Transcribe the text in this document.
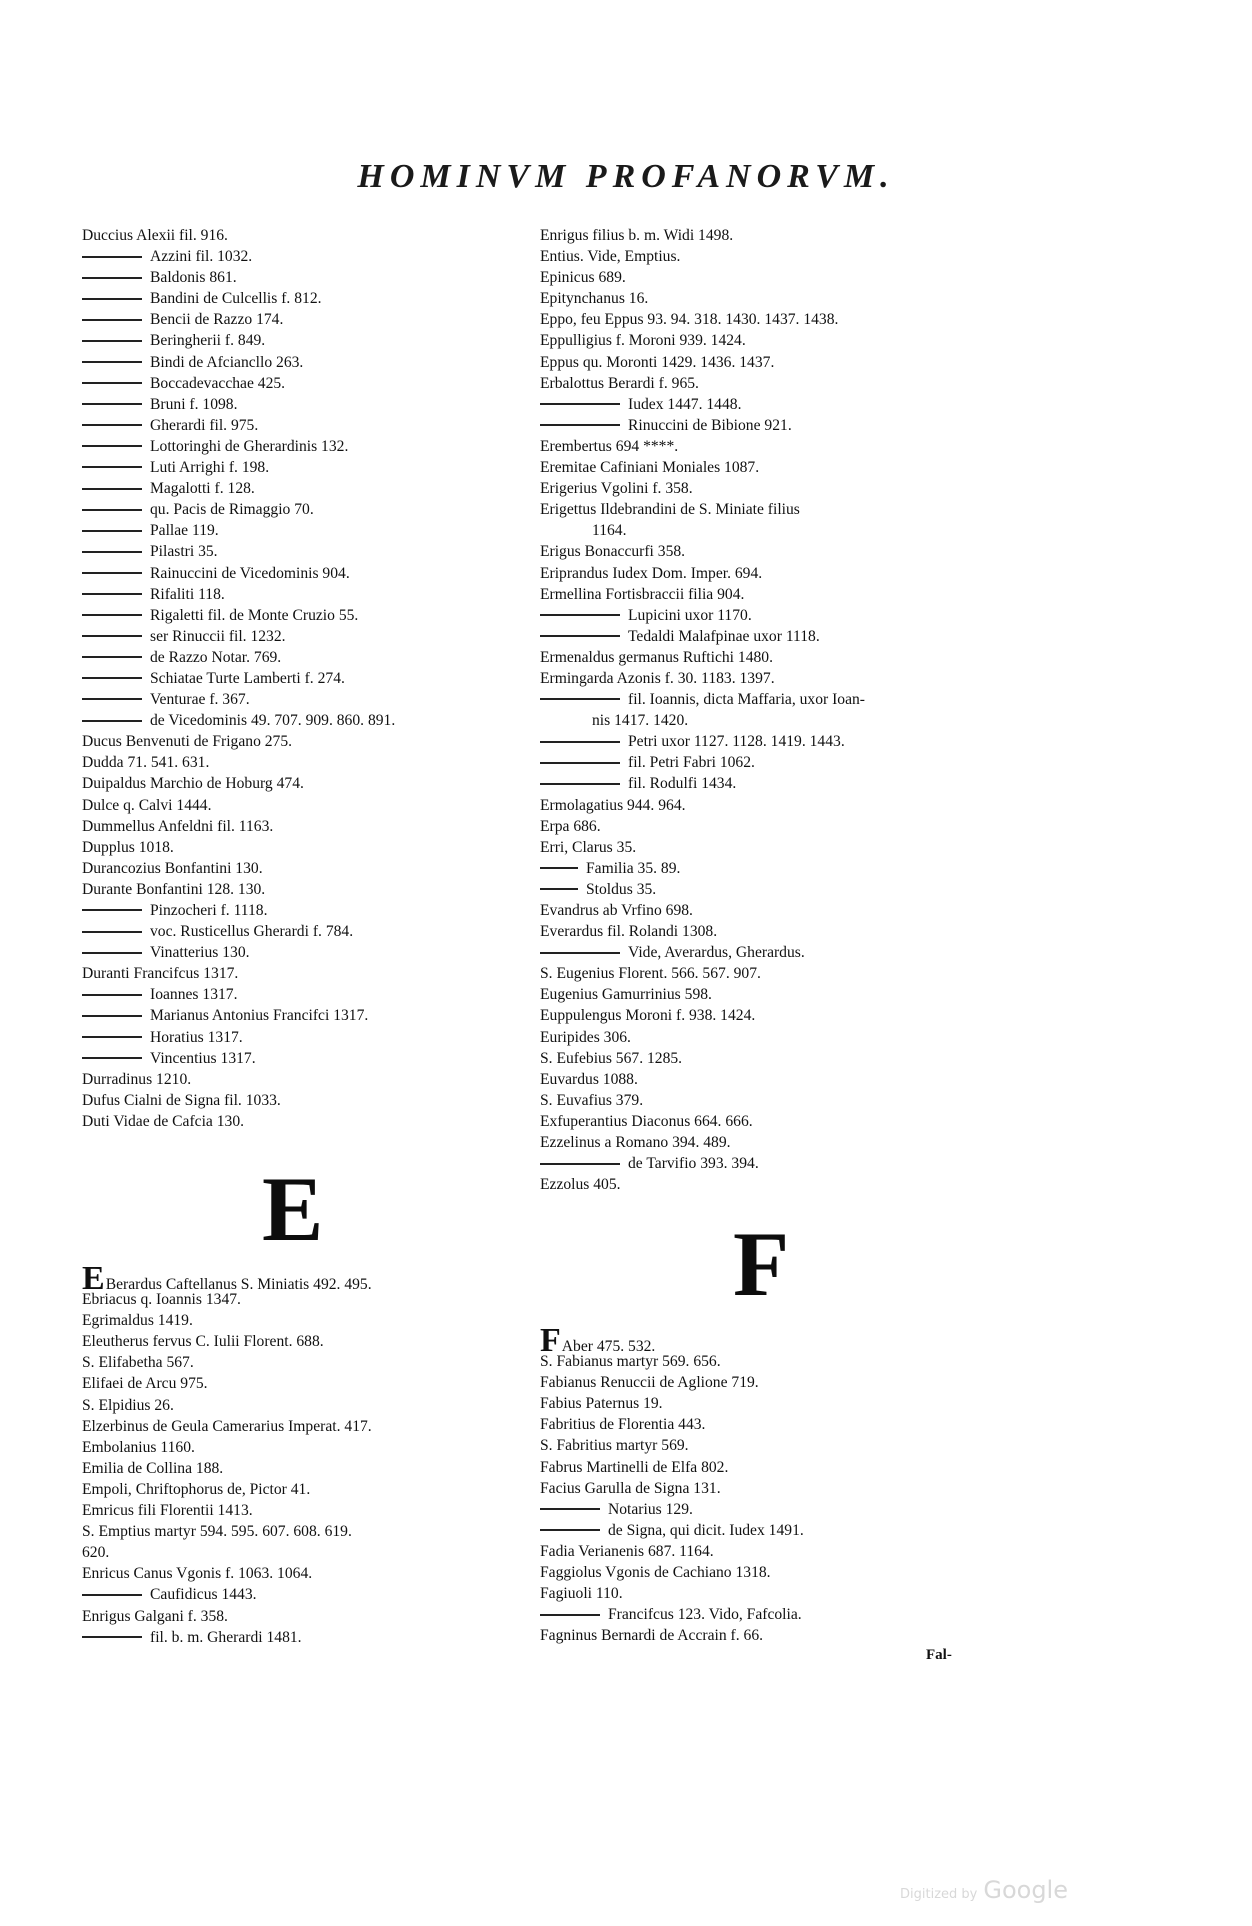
HOMINVM PROFANORVM.
Duccius Alexii fil. 916.
Azzini fil. 1032.
Baldonis 861.
Bandini de Culcellis f. 812.
Bencii de Razzo 174.
Beringherii f. 849.
Bindi de Afciancllo 263.
Boccadevacchae 425.
Bruni f. 1098.
Gherardi fil. 975.
Lottoringhi de Gherardinis 132.
Luti Arrighi f. 198.
Magalotti f. 128.
qu. Pacis de Rimaggio 70.
Pallae 119.
Pilastri 35.
Rainuccini de Vicedominis 904.
Rifaliti 118.
Rigaletti fil. de Monte Cruzio 55.
ser Rinuccii fil. 1232.
de Razzo Notar. 769.
Schiatae Turte Lamberti f. 274.
Venturae f. 367.
de Vicedominis 49. 707. 909. 860. 891.
Ducus Benvenuti de Frigano 275.
Dudda 71. 541. 631.
Duipaldus Marchio de Hoburg 474.
Dulce q. Calvi 1444.
Dummellus Anfeldni fil. 1163.
Dupplus 1018.
Durancozius Bonfantini 130.
Durante Bonfantini 128. 130.
Pinzocheri f. 1118.
voc. Rusticellus Gherardi f. 784.
Vinatterius 130.
Duranti Francifcus 1317.
Ioannes 1317.
Marianus Antonius Francifci 1317.
Horatius 1317.
Vincentius 1317.
Durradinus 1210.
Dufus Cialni de Signa fil. 1033.
Duti Vidae de Cafcia 130.
Enrigus filius b. m. Widi 1498.
Entius. Vide, Emptius.
Epinicus 689.
Epitynchanus 16.
Eppo, feu Eppus 93. 94. 318. 1430. 1437. 1438.
Eppulligius f. Moroni 939. 1424.
Eppus qu. Moronti 1429. 1436. 1437.
Erbalottus Berardi f. 965.
Iudex 1447. 1448.
Rinuccini de Bibione 921.
Erembertus 694 ****.
Eremitae Cafiniani Moniales 1087.
Erigerius Vgolini f. 358.
Erigettus Ildebrandini de S. Miniate filius
1164.
Erigus Bonaccurfi 358.
Eriprandus Iudex Dom. Imper. 694.
Ermellina Fortisbraccii filia 904.
Lupicini uxor 1170.
Tedaldi Malafpinae uxor 1118.
Ermenaldus germanus Ruftichi 1480.
Ermingarda Azonis f. 30. 1183. 1397.
fil. Ioannis, dicta Maffaria, uxor Ioan-
nis 1417. 1420.
Petri uxor 1127. 1128. 1419. 1443.
fil. Petri Fabri 1062.
fil. Rodulfi 1434.
Ermolagatius 944. 964.
Erpa 686.
Erri, Clarus 35.
Familia 35. 89.
Stoldus 35.
Evandrus ab Vrfino 698.
Everardus fil. Rolandi 1308.
Vide, Averardus, Gherardus.
S. Eugenius Florent. 566. 567. 907.
Eugenius Gamurrinius 598.
Euppulengus Moroni f. 938. 1424.
Euripides 306.
S. Eufebius 567. 1285.
Euvardus 1088.
S. Euvafius 379.
Exfuperantius Diaconus 664. 666.
Ezzelinus a Romano 394. 489.
de Tarvifio 393. 394.
Ezzolus 405.
E
EBerardus Caftellanus S. Miniatis 492. 495.
Ebriacus q. Ioannis 1347.
Egrimaldus 1419.
Eleutherus fervus C. Iulii Florent. 688.
S. Elifabetha 567.
Elifaei de Arcu 975.
S. Elpidius 26.
Elzerbinus de Geula Camerarius Imperat. 417.
Embolanius 1160.
Emilia de Collina 188.
Empoli, Chriftophorus de, Pictor 41.
Emricus fili Florentii 1413.
S. Emptius martyr 594. 595. 607. 608. 619.
620.
Enricus Canus Vgonis f. 1063. 1064.
Caufidicus 1443.
Enrigus Galgani f. 358.
fil. b. m. Gherardi 1481.
F
FAber 475. 532.
S. Fabianus martyr 569. 656.
Fabianus Renuccii de Aglione 719.
Fabius Paternus 19.
Fabritius de Florentia 443.
S. Fabritius martyr 569.
Fabrus Martinelli de Elfa 802.
Facius Garulla de Signa 131.
Notarius 129.
de Signa, qui dicit. Iudex 1491.
Fadia Verianenis 687. 1164.
Faggiolus Vgonis de Cachiano 1318.
Fagiuoli 110.
Francifcus 123. Vido, Fafcolia.
Fagninus Bernardi de Accrain f. 66.
Fal-
Digitized by Google
